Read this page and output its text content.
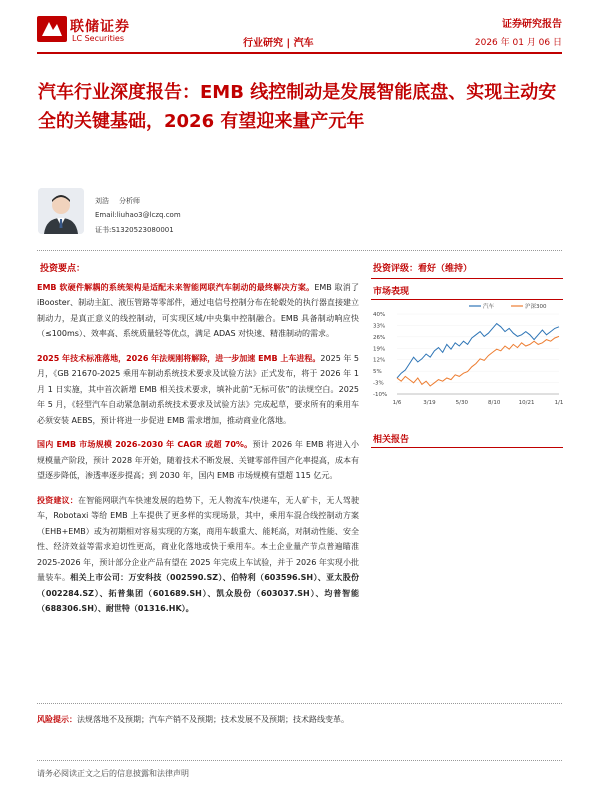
联储证券
LC Securities	行业研究 | 汽车
证券研究报告
2026 年 01 月 06 日
汽车行业深度报告：EMB 线控制动是发展智能底盘、实现主动安全的关键基础，2026 有望迎来量产元年
刘浩 分析师
Email:liuhao3@lczq.com
证书:S1320523080001
投资要点：

EMB 软硬件解耦的系统架构是适配未来智能网联汽车制动的最终解决方案。EMB 取消了 iBooster、制动主缸、液压管路等零部件，通过电信号控制分布在轮毂处的执行器直接建立制动力，是真正意义的线控制动，可实现区域/中央集中控制融合。EMB 具备制动响应快（≤100ms）、效率高、系统质量轻等优点，满足 ADAS 对快速、精准制动的需求。

2025 年技术标准落地，2026 年法规刚将解除，进一步加速 EMB 上车进程。2025 年 5 月，《GB 21670-2025 乘用车制动系统技术要求及试验方法》正式发布，将于 2026 年 1 月 1 日实施，其中首次新增 EMB 相关技术要求，填补此前“无标可依”的法规空白。2025 年 5 月，《轻型汽车自动紧急制动系统技术要求及试验方法》完成起草，要求所有的乘用车必须安装 AEBS，预计将进一步促进 EMB 需求增加，推动商业化落地。

国内 EMB 市场规模 2026-2030 年 CAGR 或超 70%。预计 2026 年 EMB 将进入小规模量产阶段，预计 2028 年开始，随着技术不断发展、关键零部件国产化率提高，成本有望逐步降低，渗透率逐步提高；到 2030 年，国内 EMB 市场规模有望超 115 亿元。

投资建议：在智能网联汽车快速发展的趋势下，无人物流车/快递车，无人矿卡，无人驾驶车，Robotaxi 等给 EMB 上车提供了更多样的实现场景，其中，乘用车混合线控制动方案（EHB+EMB）或为初期相对容易实现的方案，商用车载重大、能耗高，对制动性能、安全性、经济效益等需求迫切性更高，商业化落地或快于乘用车。本土企业量产节点普遍瞄准 2025-2026 年，预计部分企业产品有望在 2025 年完成上车试验，并于 2026 年实现小批量装车。相关上市公司：万安科技（002590.SZ）、伯特利（603596.SH）、亚太股份（002284.SZ）、拓普集团（601689.SH）、凯众股份（603037.SH）、均普智能（688306.SH）、耐世特（01316.HK）。

风险提示：法规落地不及预期；汽车产销不及预期；技术发展不及预期；技术路线变革。
请务必阅读正文之后的信息披露和法律声明
投资评级：看好（维持）
市场表现
40%
33%
26%
19%
12%
5%
-3%
-10%
1/6	3/19	5/30	8/10	10/21	1/1
汽车	沪深300
相关报告
